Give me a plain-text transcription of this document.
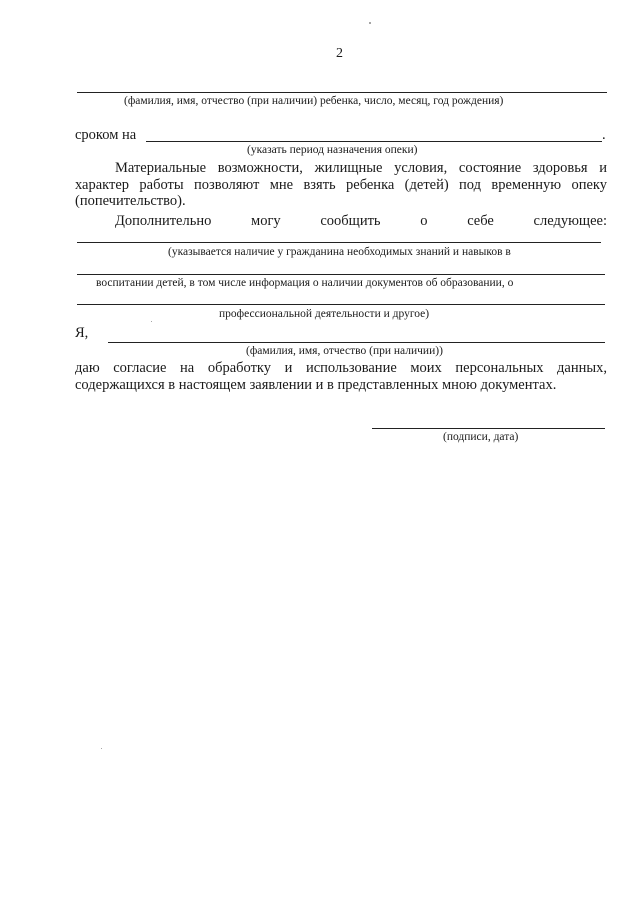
2
(фамилия, имя, отчество (при наличии) ребенка, число, месяц, год рождения)
сроком на	.
(указать период назначения опеки)
Материальные возможности, жилищные условия, состояние здоровья и характер работы позволяют мне взять ребенка (детей) под временную опеку (попечительство).
Дополнительно	могу	сообщить	о	себе	следующее:
(указывается наличие у гражданина необходимых знаний и навыков в
воспитании детей, в том числе информация о наличии документов об образовании, о
профессиональной деятельности и другое)
Я,
(фамилия, имя, отчество (при наличии))
даю согласие на обработку и использование моих персональных данных, содержащихся в настоящем заявлении и в представленных мною документах.
(подписи, дата)
